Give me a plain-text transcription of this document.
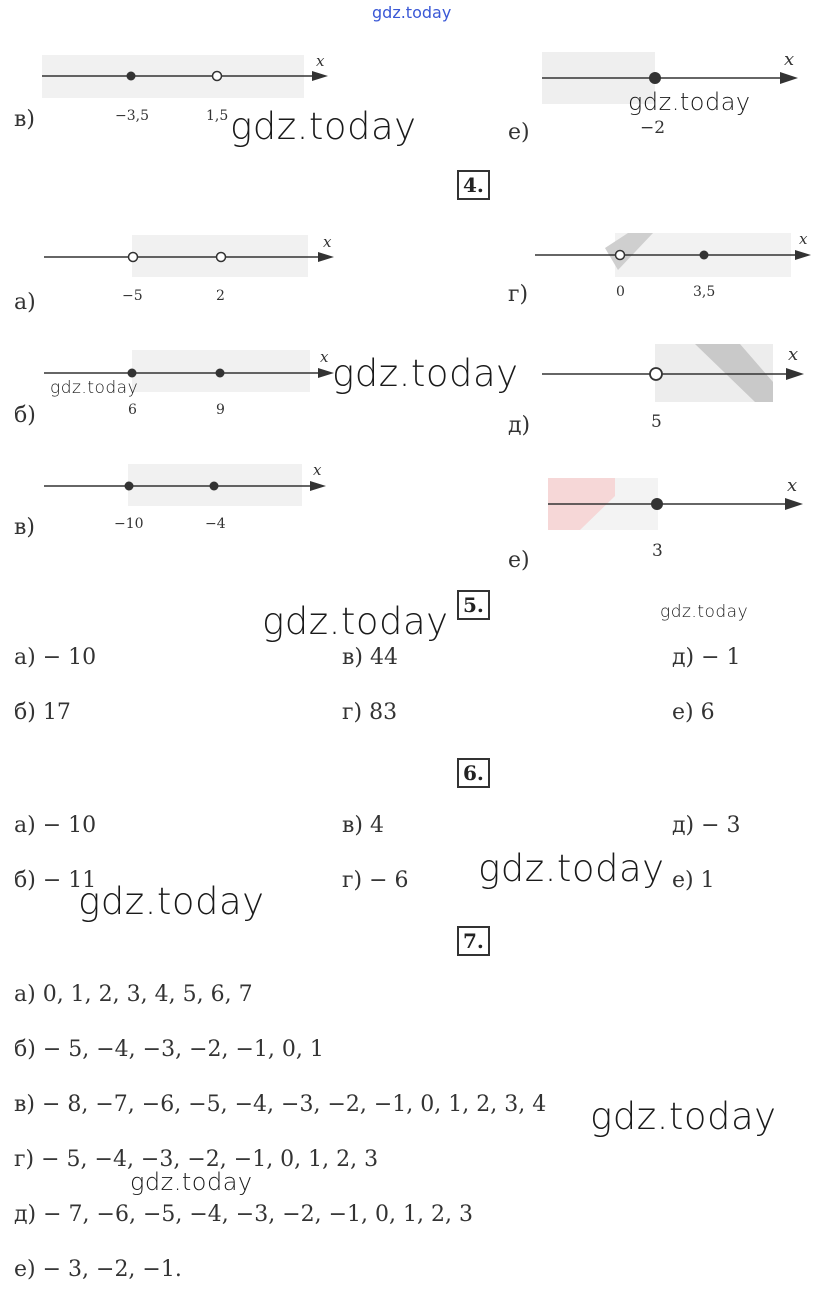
gdz.today
x
−3,5	1,5
в)
x
−2
е)
4.
x
−5	2
а)
x
6	9
б)
x
−10	−4
в)
x
0	3,5
г)
x
5
д)
x
3
е)
5.
а) − 10	в) 44	д) − 1
б) 17	г) 83	е) 6
6.
а) − 10	в) 4	д) − 3
б) − 11	г) − 6	е) 1
7.
а) 0, 1, 2, 3, 4, 5, 6, 7
б) − 5, −4, −3, −2, −1, 0, 1
в) − 8, −7, −6, −5, −4, −3, −2, −1, 0, 1, 2, 3, 4
г) − 5, −4, −3, −2, −1, 0, 1, 2, 3
д) − 7, −6, −5, −4, −3, −2, −1, 0, 1, 2, 3
е) − 3, −2, −1.
gdz.today
gdz.today
gdz.today
gdz.today
gdz.today	gdz.today
gdz.today
gdz.today
gdz.today
gdz.today
